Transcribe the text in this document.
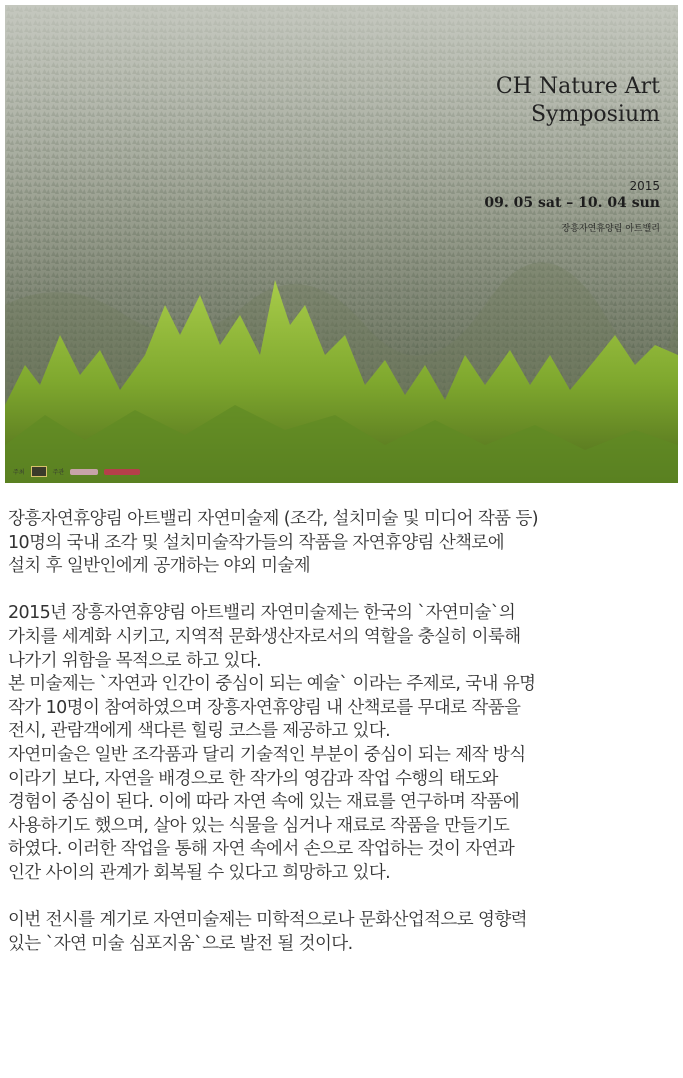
CH Nature Art
Symposium
2015
09. 05 sat – 10. 04 sun
장흥자연휴양림 아트밸리
주최	주관

장흥자연휴양림 아트밸리 자연미술제 (조각, 설치미술 및 미디어 작품 등)

10명의 국내 조각 및 설치미술작가들의 작품을 자연휴양림 산책로에

설치 후 일반인에게 공개하는 야외 미술제

2015년 장흥자연휴양림 아트밸리 자연미술제는 한국의 `자연미술`의

가치를 세계화 시키고, 지역적 문화생산자로서의 역할을 충실히 이룩해

나가기 위함을 목적으로 하고 있다.

본 미술제는 `자연과 인간이 중심이 되는 예술` 이라는 주제로, 국내 유명

작가 10명이 참여하였으며 장흥자연휴양림 내 산책로를 무대로 작품을

전시, 관람객에게 색다른 힐링 코스를 제공하고 있다.

자연미술은 일반 조각품과 달리 기술적인 부분이 중심이 되는 제작 방식

이라기 보다, 자연을 배경으로 한 작가의 영감과 작업 수행의 태도와

경험이 중심이 된다. 이에 따라 자연 속에 있는 재료를 연구하며 작품에

사용하기도 했으며, 살아 있는 식물을 심거나 재료로 작품을 만들기도

하였다. 이러한 작업을 통해 자연 속에서 손으로 작업하는 것이 자연과

인간 사이의 관계가 회복될 수 있다고 희망하고 있다.

이번 전시를 계기로 자연미술제는 미학적으로나 문화산업적으로 영향력

있는 `자연 미술 심포지움`으로 발전 될 것이다.
